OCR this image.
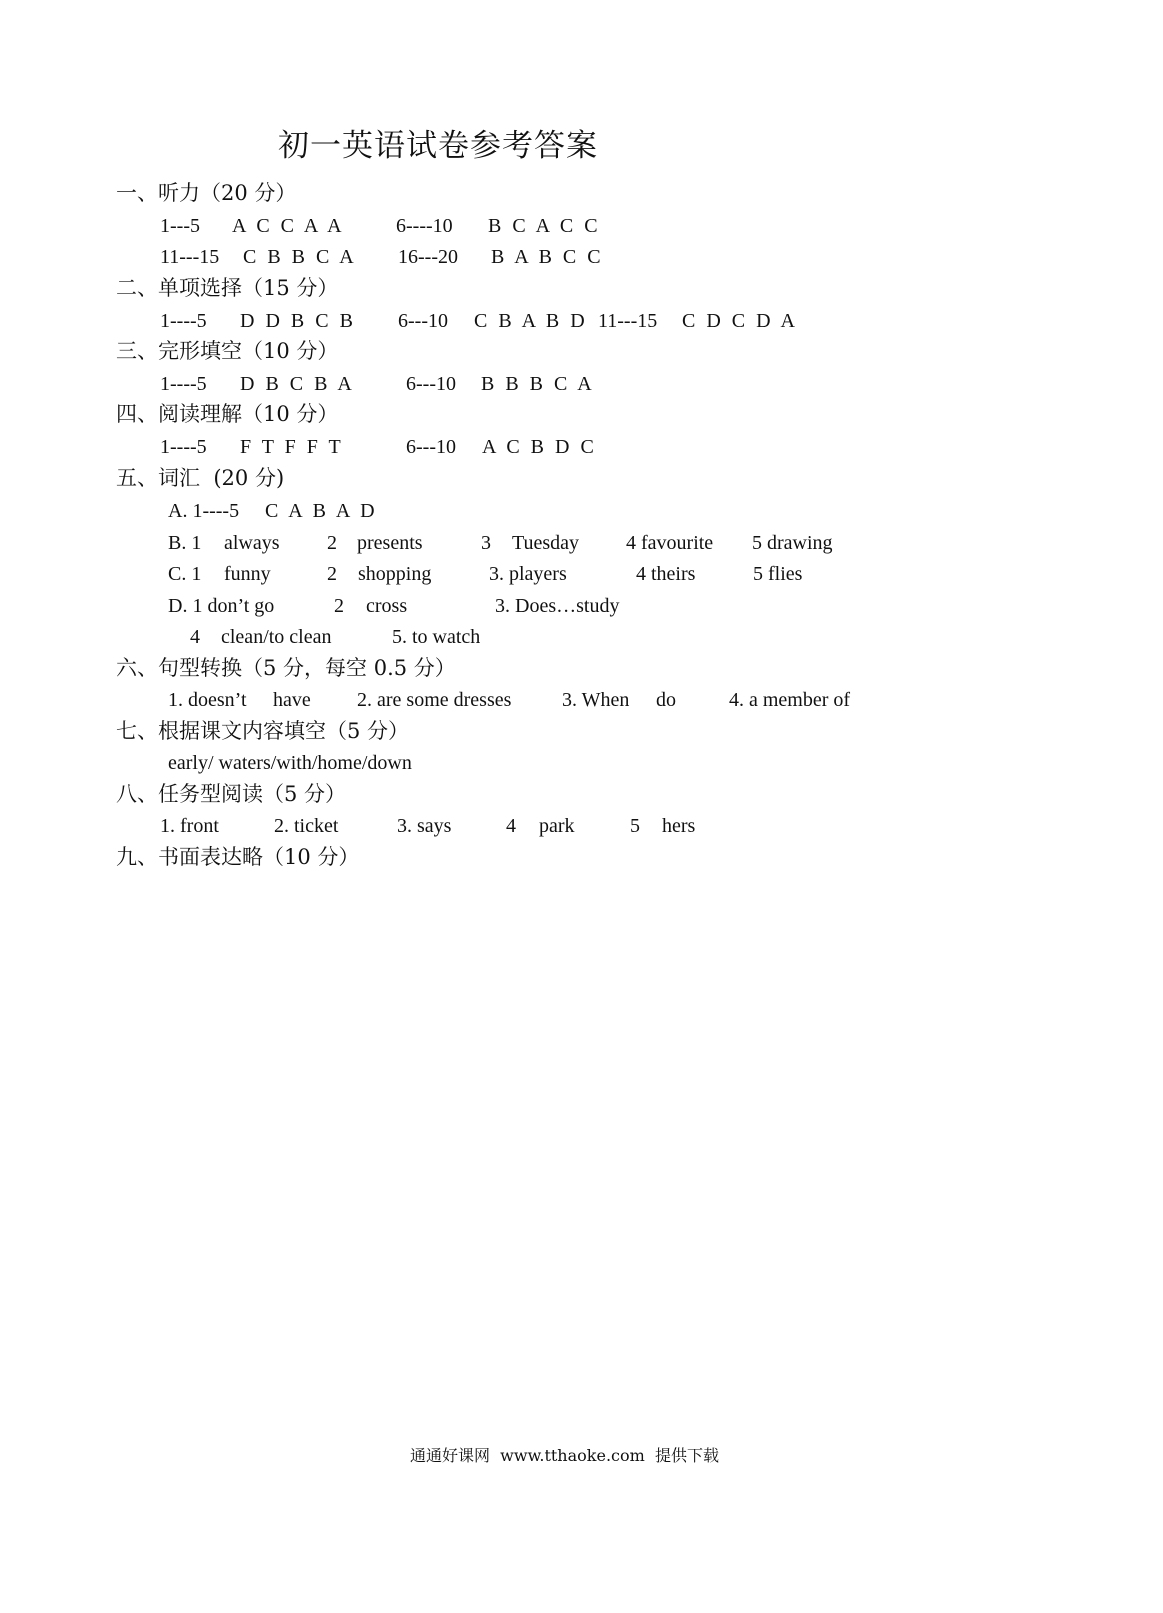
初一英语试卷参考答案
一、听力（20 分）
1---5 A C C A A	6----10 B C A C C
11---15 C B B C A 16---20 B A B C C
二、单项选择（15 分）
1----5 D D B C B 6---10 C B A B D 11---15 C D C D A
三、完形填空（10 分）
1----5 D B C B A	6---10 B B B C A
四、阅读理解（10 分）
1----5 F T F F T	6---10 A C B D C
五、词汇  (20 分)
A. 1----5 C A B A D
B. 1 always 2 presents	3 Tuesday 4 favourite 5 drawing
C. 1 funny	2 shopping	3. players	4 theirs	5 flies
D. 1 don’t go	2 cross	3. Does…study
4 clean/to clean	5. to watch
六、句型转换（5 分，每空 0.5 分）
1. doesn’t have 2. are some dresses	3. When do	4. a member of
七、根据课文内容填空（5 分）
early/ waters/with/home/down
八、任务型阅读（5 分）
1. front	2. ticket	3. says	4 park	5 hers
九、书面表达略（10 分）
通通好课网  www.tthaoke.com  提供下载
